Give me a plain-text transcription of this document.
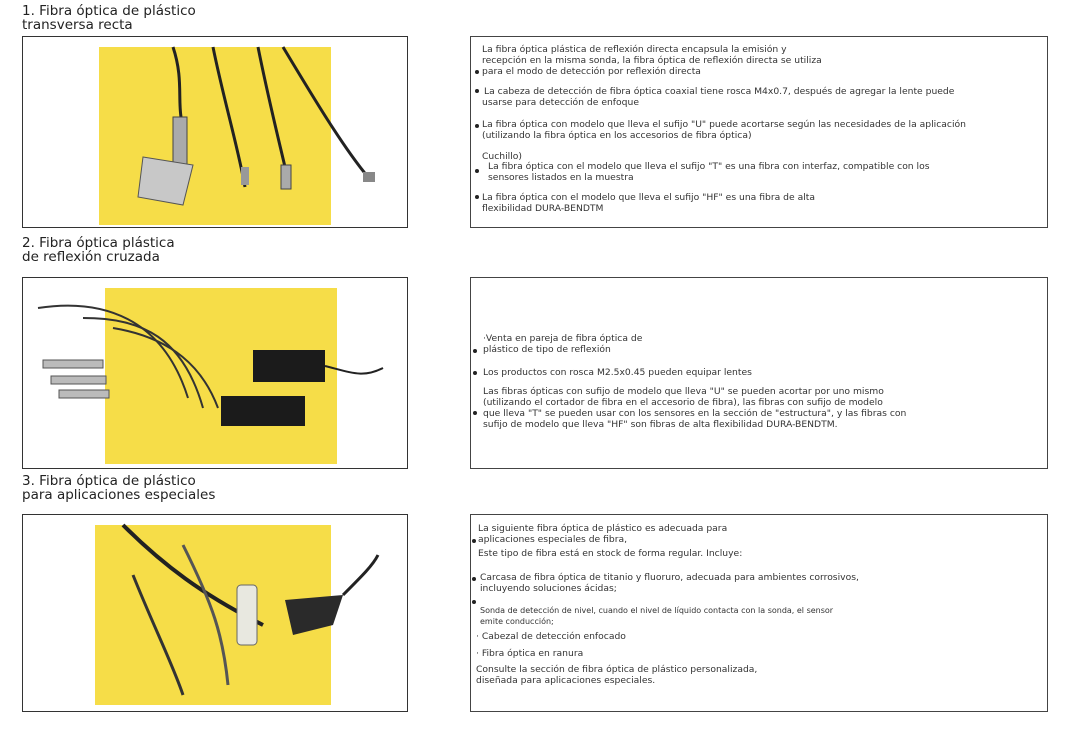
1. Fibra óptica de plástico
transversa recta
La fibra óptica plástica de reflexión directa encapsula la emisión y
recepción en la misma sonda, la fibra óptica de reflexión directa se utiliza
para el modo de detección por reflexión directa
La cabeza de detección de fibra óptica coaxial tiene rosca M4x0.7, después de agregar la lente puede
usarse para detección de enfoque
La fibra óptica con modelo que lleva el sufijo "U" puede acortarse según las necesidades de la aplicación
(utilizando la fibra óptica en los accesorios de fibra óptica)
Cuchillo)
La fibra óptica con el modelo que lleva el sufijo "T" es una fibra con interfaz, compatible con los
sensores listados en la muestra
La fibra óptica con el modelo que lleva el sufijo "HF" es una fibra de alta
flexibilidad DURA-BENDTM
2. Fibra óptica plástica
de reflexión cruzada
·Venta en pareja de fibra óptica de
plástico de tipo de reflexión
Los productos con rosca M2.5x0.45 pueden equipar lentes
Las fibras ópticas con sufijo de modelo que lleva "U" se pueden acortar por uno mismo
(utilizando el cortador de fibra en el accesorio de fibra), las fibras con sufijo de modelo
que lleva "T" se pueden usar con los sensores en la sección de "estructura", y las fibras con
sufijo de modelo que lleva "HF" son fibras de alta flexibilidad DURA-BENDTM.
3. Fibra óptica de plástico
para aplicaciones especiales
La siguiente fibra óptica de plástico es adecuada para
aplicaciones especiales de fibra,
Este tipo de fibra está en stock de forma regular. Incluye:
Carcasa de fibra óptica de titanio y fluoruro, adecuada para ambientes corrosivos,
incluyendo soluciones ácidas;
Sonda de detección de nivel, cuando el nivel de líquido contacta con la sonda, el sensor
emite conducción;
· Cabezal de detección enfocado
· Fibra óptica en ranura
Consulte la sección de fibra óptica de plástico personalizada,
diseñada para aplicaciones especiales.
